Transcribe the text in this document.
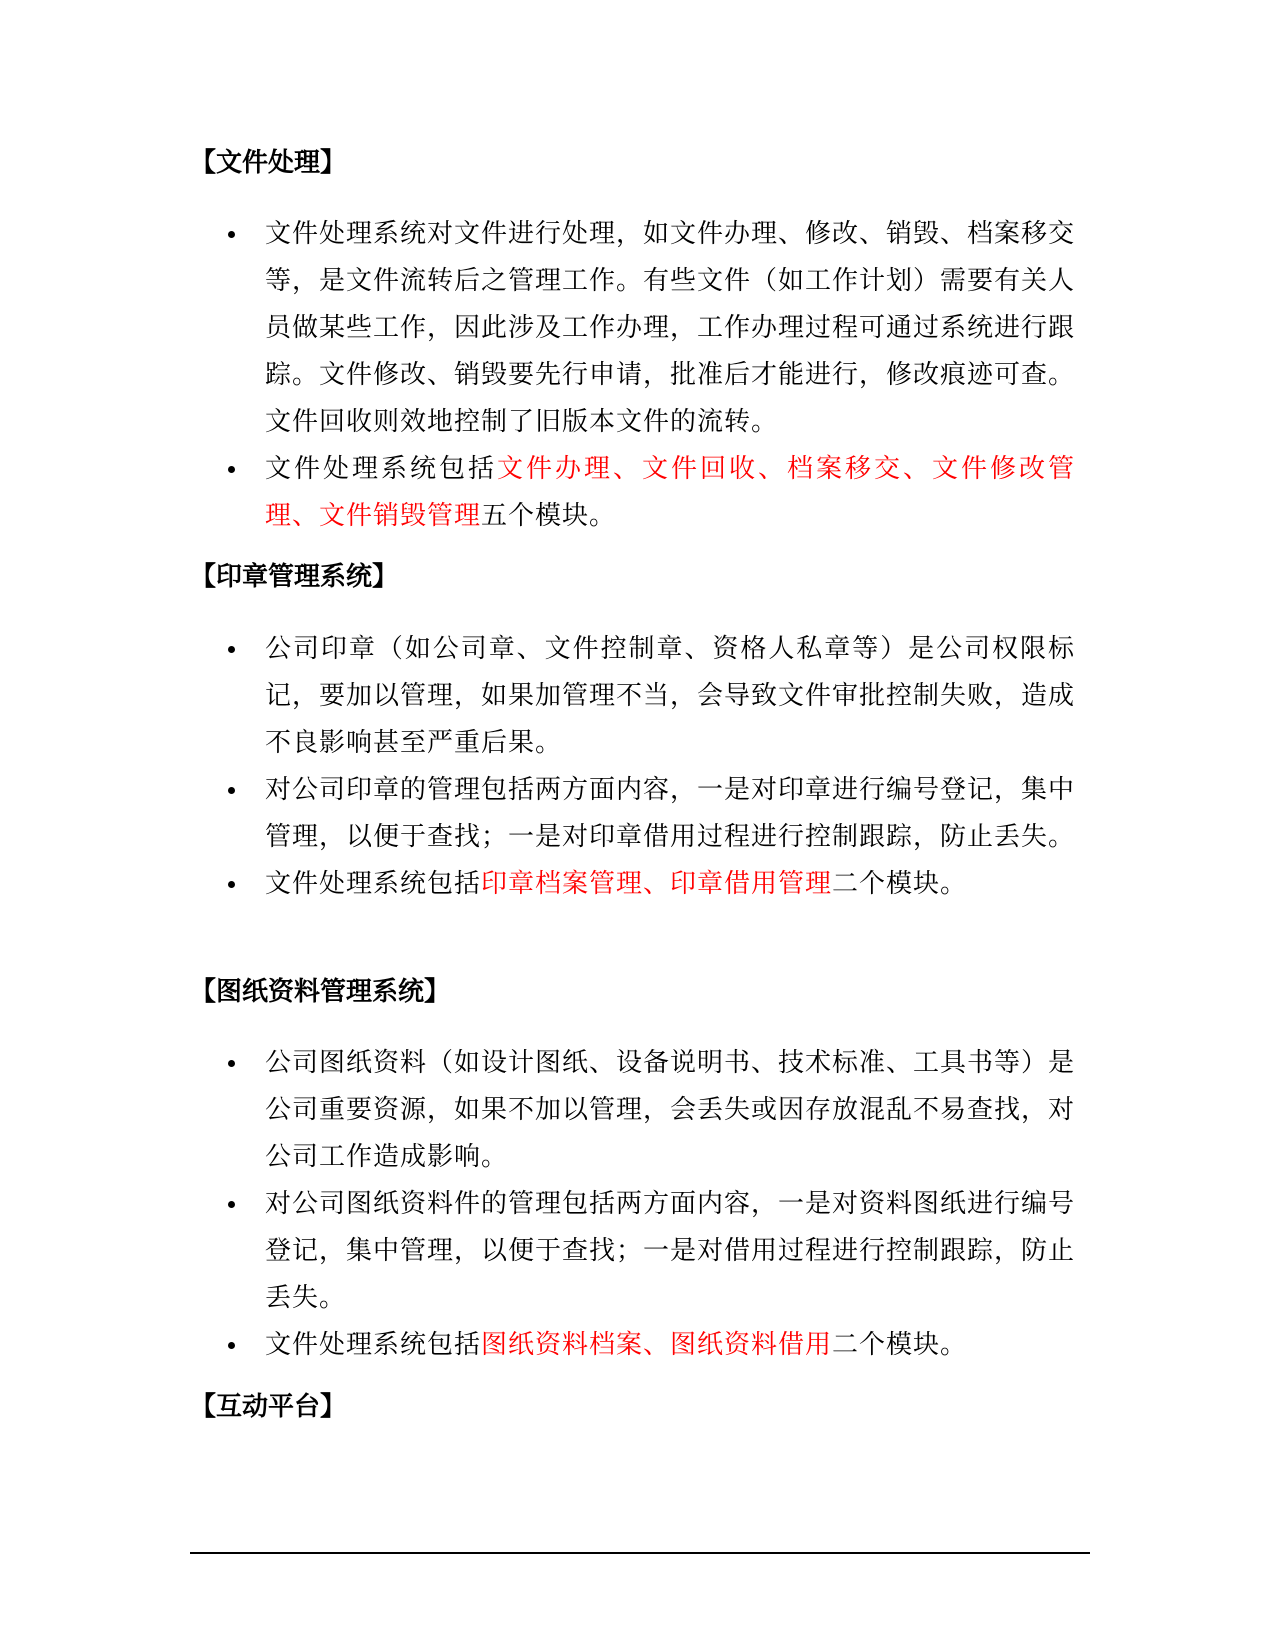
【文件处理】
文件处理系统对文件进行处理，如文件办理、修改、销毁、档案移交等，是文件流转后之管理工作。有些文件（如工作计划）需要有关人员做某些工作，因此涉及工作办理，工作办理过程可通过系统进行跟踪。文件修改、销毁要先行申请，批准后才能进行，修改痕迹可查。文件回收则效地控制了旧版本文件的流转。
文件处理系统包括文件办理、文件回收、档案移交、文件修改管理、文件销毁管理五个模块。
【印章管理系统】
公司印章（如公司章、文件控制章、资格人私章等）是公司权限标记，要加以管理，如果加管理不当，会导致文件审批控制失败，造成不良影响甚至严重后果。
对公司印章的管理包括两方面内容，一是对印章进行编号登记，集中管理，以便于查找；一是对印章借用过程进行控制跟踪，防止丢失。
文件处理系统包括印章档案管理、印章借用管理二个模块。
【图纸资料管理系统】
公司图纸资料（如设计图纸、设备说明书、技术标准、工具书等）是公司重要资源，如果不加以管理，会丢失或因存放混乱不易查找，对公司工作造成影响。
对公司图纸资料件的管理包括两方面内容，一是对资料图纸进行编号登记，集中管理，以便于查找；一是对借用过程进行控制跟踪，防止丢失。
文件处理系统包括图纸资料档案、图纸资料借用二个模块。
【互动平台】
